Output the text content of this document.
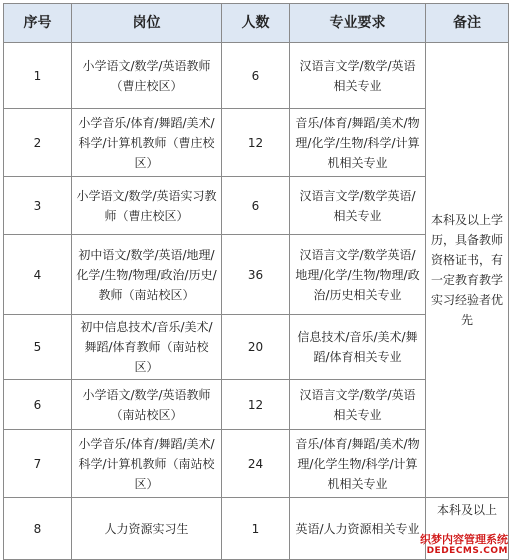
序号	岗位	人数	专业要求	备注
1	小学语文/数学/英语教师（曹庄校区）	6	汉语言文学/数学/英语相关专业	本科及以上学历，具备教师资格证书，有一定教育教学实习经验者优先
2	小学音乐/体育/舞蹈/美术/科学/计算机教师（曹庄校区）	12	音乐/体育/舞蹈/美术/物理/化学/生物/科学/计算机相关专业	
3	小学语文/数学/英语实习教师（曹庄校区）	6	汉语言文学/数学英语/相关专业	
4	初中语文/数学/英语/地理/化学/生物/物理/政治/历史/教师（南站校区）	36	汉语言文学/数学英语/地理/化学/生物/物理/政治/历史相关专业	
5	初中信息技术/音乐/美术/舞蹈/体育教师（南站校区）	20	信息技术/音乐/美术/舞蹈/体育相关专业	
6	小学语文/数学/英语教师（南站校区）	12	汉语言文学/数学/英语相关专业	
7	小学音乐/体育/舞蹈/美术/科学/计算机教师（南站校区）	24	音乐/体育/舞蹈/美术/物理/化学生物/科学/计算机相关专业	
8	人力资源实习生	1	英语/人力资源相关专业	本科及以上
织梦内容管理系统
DEDECMS.COM
